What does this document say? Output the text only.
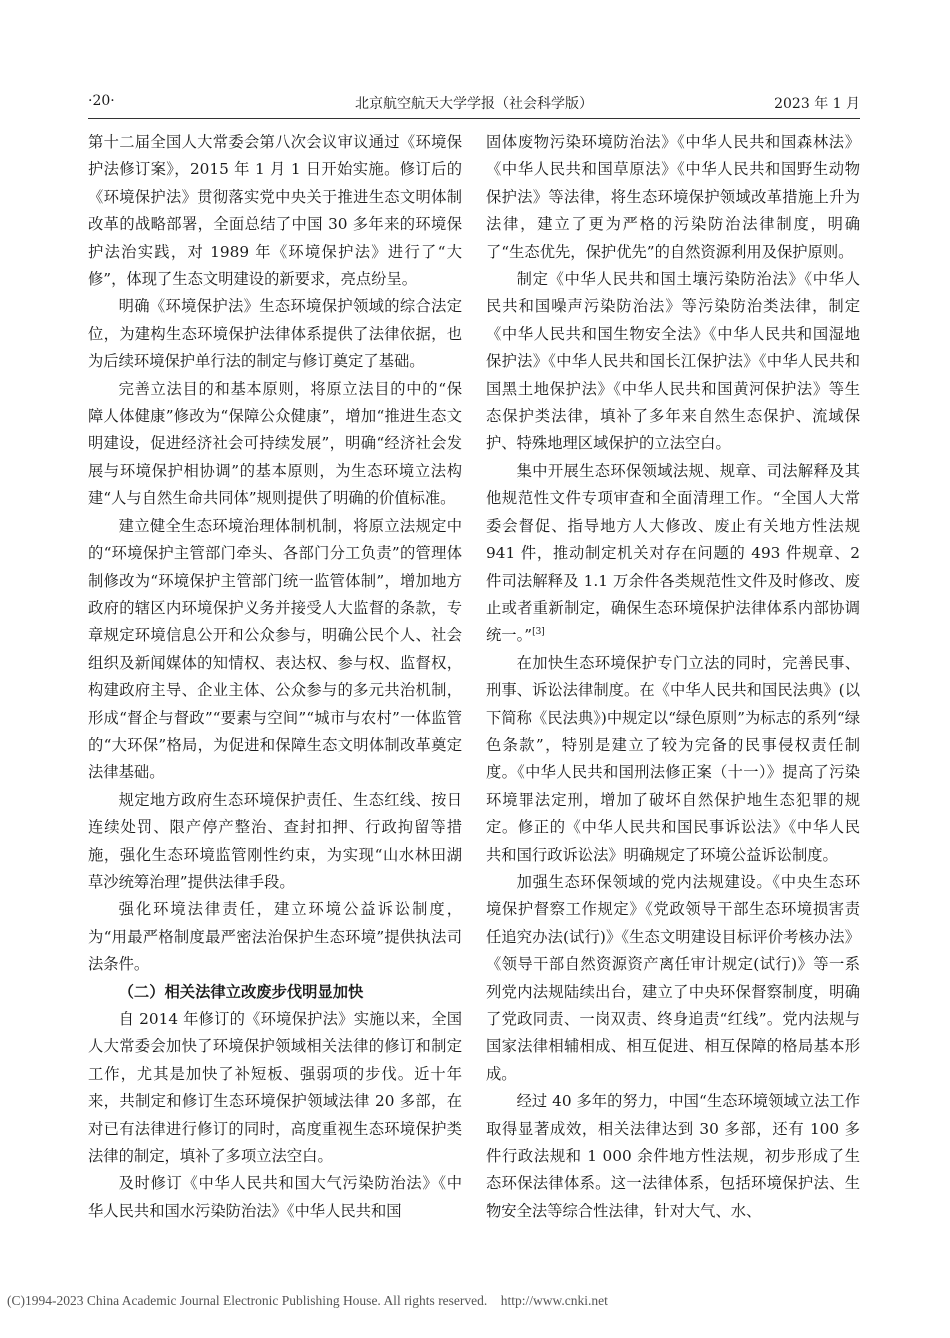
·20·	北京航空航天大学学报（社会科学版）	2023 年 1 月

第十二届全国人大常委会第八次会议审议通过《环境保护法修订案》，2015 年 1 月 1 日开始实施。修订后的《环境保护法》贯彻落实党中央关于推进生态文明体制改革的战略部署，全面总结了中国 30 多年来的环境保护法治实践，对 1989 年《环境保护法》进行了“大修”，体现了生态文明建设的新要求，亮点纷呈。

明确《环境保护法》生态环境保护领域的综合法定位，为建构生态环境保护法律体系提供了法律依据，也为后续环境保护单行法的制定与修订奠定了基础。

完善立法目的和基本原则，将原立法目的中的“保障人体健康”修改为“保障公众健康”，增加“推进生态文明建设，促进经济社会可持续发展”，明确“经济社会发展与环境保护相协调”的基本原则，为生态环境立法构建“人与自然生命共同体”规则提供了明确的价值标准。

建立健全生态环境治理体制机制，将原立法规定中的“环境保护主管部门牵头、各部门分工负责”的管理体制修改为“环境保护主管部门统一监管体制”，增加地方政府的辖区内环境保护义务并接受人大监督的条款，专章规定环境信息公开和公众参与，明确公民个人、社会组织及新闻媒体的知情权、表达权、参与权、监督权，构建政府主导、企业主体、公众参与的多元共治机制，形成“督企与督政”“要素与空间”“城市与农村”一体监管的“大环保”格局，为促进和保障生态文明体制改革奠定法律基础。

规定地方政府生态环境保护责任、生态红线、按日连续处罚、限产停产整治、查封扣押、行政拘留等措施，强化生态环境监管刚性约束，为实现“山水林田湖草沙统筹治理”提供法律手段。

强化环境法律责任，建立环境公益诉讼制度，为“用最严格制度最严密法治保护生态环境”提供执法司法条件。

（二）相关法律立改废步伐明显加快

自 2014 年修订的《环境保护法》实施以来，全国人大常委会加快了环境保护领域相关法律的修订和制定工作，尤其是加快了补短板、强弱项的步伐。近十年来，共制定和修订生态环境保护领域法律 20 多部，在对已有法律进行修订的同时，高度重视生态环境保护类法律的制定，填补了多项立法空白。

及时修订《中华人民共和国大气污染防治法》《中华人民共和国水污染防治法》《中华人民共和国

固体废物污染环境防治法》《中华人民共和国森林法》《中华人民共和国草原法》《中华人民共和国野生动物保护法》等法律，将生态环境保护领域改革措施上升为法律，建立了更为严格的污染防治法律制度，明确了“生态优先，保护优先”的自然资源利用及保护原则。

制定《中华人民共和国土壤污染防治法》《中华人民共和国噪声污染防治法》等污染防治类法律，制定《中华人民共和国生物安全法》《中华人民共和国湿地保护法》《中华人民共和国长江保护法》《中华人民共和国黑土地保护法》《中华人民共和国黄河保护法》等生态保护类法律，填补了多年来自然生态保护、流域保护、特殊地理区域保护的立法空白。

集中开展生态环保领域法规、规章、司法解释及其他规范性文件专项审查和全面清理工作。“全国人大常委会督促、指导地方人大修改、废止有关地方性法规 941 件，推动制定机关对存在问题的 493 件规章、2 件司法解释及 1.1 万余件各类规范性文件及时修改、废止或者重新制定，确保生态环境保护法律体系内部协调统一。”[3]

在加快生态环境保护专门立法的同时，完善民事、刑事、诉讼法律制度。在《中华人民共和国民法典》(以下简称《民法典》)中规定以“绿色原则”为标志的系列“绿色条款”，特别是建立了较为完备的民事侵权责任制度。《中华人民共和国刑法修正案（十一）》提高了污染环境罪法定刑，增加了破坏自然保护地生态犯罪的规定。修正的《中华人民共和国民事诉讼法》《中华人民共和国行政诉讼法》明确规定了环境公益诉讼制度。

加强生态环保领域的党内法规建设。《中央生态环境保护督察工作规定》《党政领导干部生态环境损害责任追究办法(试行)》《生态文明建设目标评价考核办法》《领导干部自然资源资产离任审计规定(试行)》等一系列党内法规陆续出台，建立了中央环保督察制度，明确了党政同责、一岗双责、终身追责“红线”。党内法规与国家法律相辅相成、相互促进、相互保障的格局基本形成。

经过 40 多年的努力，中国“生态环境领域立法工作取得显著成效，相关法律达到 30 多部，还有 100 多件行政法规和 1 000 余件地方性法规，初步形成了生态环保法律体系。这一法律体系，包括环境保护法、生物安全法等综合性法律，针对大气、水、

(C)1994-2023 China Academic Journal Electronic Publishing House. All rights reserved. http://www.cnki.net
